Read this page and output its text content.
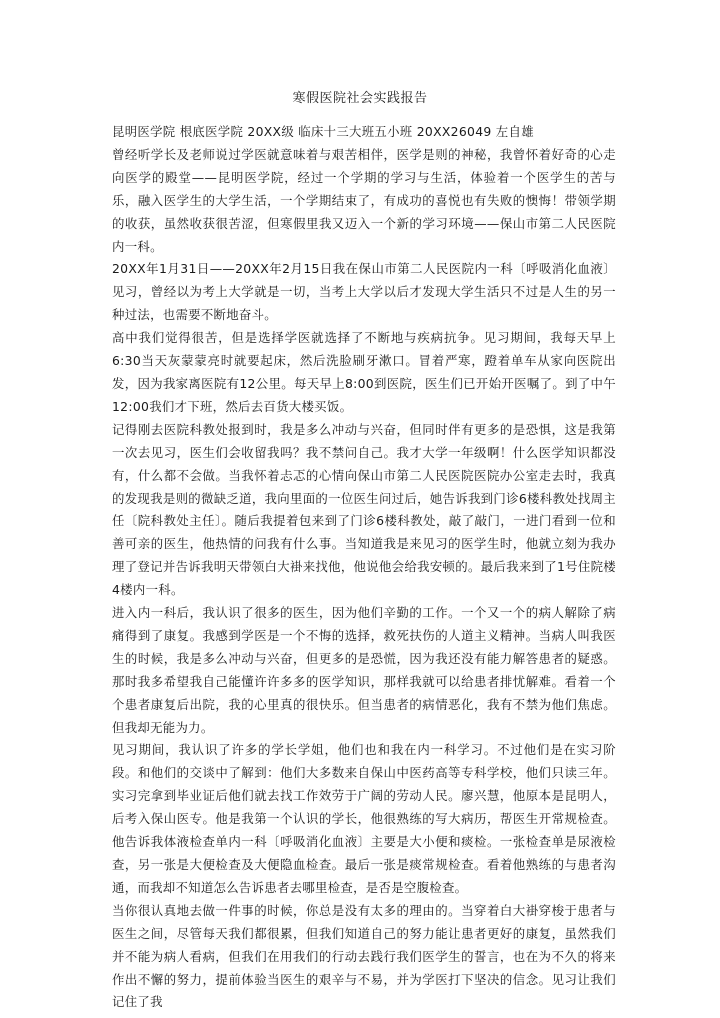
寒假医院社会实践报告

昆明医学院 根底医学院 20XX级 临床十三大班五小班 20XX26049 左自雄

曾经听学长及老师说过学医就意味着与艰苦相伴，医学是则的神秘，我曾怀着好奇的心走向医学的殿堂——昆明医学院，经过一个学期的学习与生活，体验着一个医学生的苦与乐，融入医学生的大学生活，一个学期结束了，有成功的喜悦也有失败的懊悔！带领学期的收获，虽然收获很苦涩，但寒假里我又迈入一个新的学习环境——保山市第二人民医院内一科。

20XX年1月31日——20XX年2月15日我在保山市第二人民医院内一科〔呼吸消化血液〕见习，曾经以为考上大学就是一切，当考上大学以后才发现大学生活只不过是人生的另一种过法，也需要不断地奋斗。

高中我们觉得很苦，但是选择学医就选择了不断地与疾病抗争。见习期间，我每天早上6:30当天灰蒙蒙亮时就要起床，然后洗脸刷牙漱口。冒着严寒，蹬着单车从家向医院出发，因为我家离医院有12公里。每天早上8:00到医院，医生们已开始开医嘱了。到了中午12:00我们才下班，然后去百货大楼买饭。

记得刚去医院科教处报到时，我是多么冲动与兴奋，但同时伴有更多的是恐惧，这是我第一次去见习，医生们会收留我吗？我不禁问自己。我才大学一年级啊！什么医学知识都没有，什么都不会做。当我怀着忐忑的心情向保山市第二人民医院医院办公室走去时，我真的发现我是则的微缺乏道，我向里面的一位医生问过后，她告诉我到门诊6楼科教处找周主任〔院科教处主任〕。随后我提着包来到了门诊6楼科教处，敲了敲门，一进门看到一位和善可亲的医生，他热情的问我有什么事。当知道我是来见习的医学生时，他就立刻为我办理了登记并告诉我明天带领白大褂来找他，他说他会给我安顿的。最后我来到了1号住院楼4楼内一科。

进入内一科后，我认识了很多的医生，因为他们辛勤的工作。一个又一个的病人解除了病痛得到了康复。我感到学医是一个不悔的选择，救死扶伤的人道主义精神。当病人叫我医生的时候，我是多么冲动与兴奋，但更多的是恐慌，因为我还没有能力解答患者的疑惑。那时我多希望我自己能懂许许多多的医学知识，那样我就可以给患者排忧解难。看着一个个患者康复后出院，我的心里真的很快乐。但当患者的病情恶化，我有不禁为他们焦虑。但我却无能为力。

见习期间，我认识了许多的学长学姐，他们也和我在内一科学习。不过他们是在实习阶段。和他们的交谈中了解到：他们大多数来自保山中医药高等专科学校，他们只读三年。实习完拿到毕业证后他们就去找工作效劳于广阔的劳动人民。廖兴慧，他原本是昆明人，后考入保山医专。他是我第一个认识的学长，他很熟练的写大病历，帮医生开常规检查。他告诉我体液检查单内一科〔呼吸消化血液〕主要是大小便和痰检。一张检查单是尿液检查，另一张是大便检查及大便隐血检查。最后一张是痰常规检查。看着他熟练的与患者沟通，而我却不知道怎么告诉患者去哪里检查，是否是空腹检查。

当你很认真地去做一件事的时候，你总是没有太多的理由的。当穿着白大褂穿梭于患者与医生之间，尽管每天我们都很累，但我们知道自己的努力能让患者更好的康复，虽然我们并不能为病人看病，但我们在用我们的行动去践行我们医学生的誓言，也在为不久的将来作出不懈的努力，提前体验当医生的艰辛与不易，并为学医打下坚决的信念。见习让我们记住了我
